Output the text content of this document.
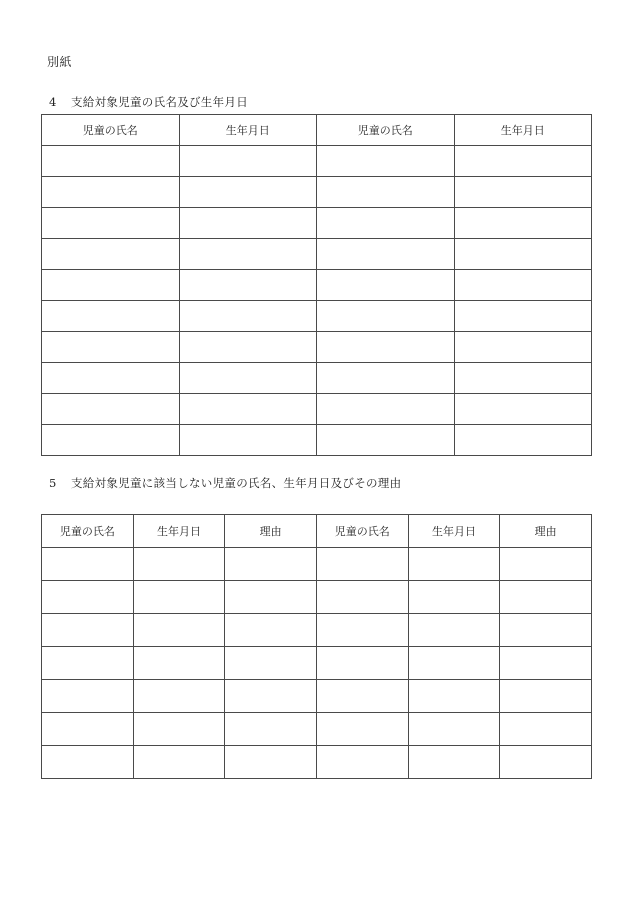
別紙
4 支給対象児童の氏名及び生年月日
児童の氏名	生年月日	児童の氏名	生年月日

5 支給対象児童に該当しない児童の氏名、生年月日及びその理由
児童の氏名	生年月日	理由	児童の氏名	生年月日	理由
